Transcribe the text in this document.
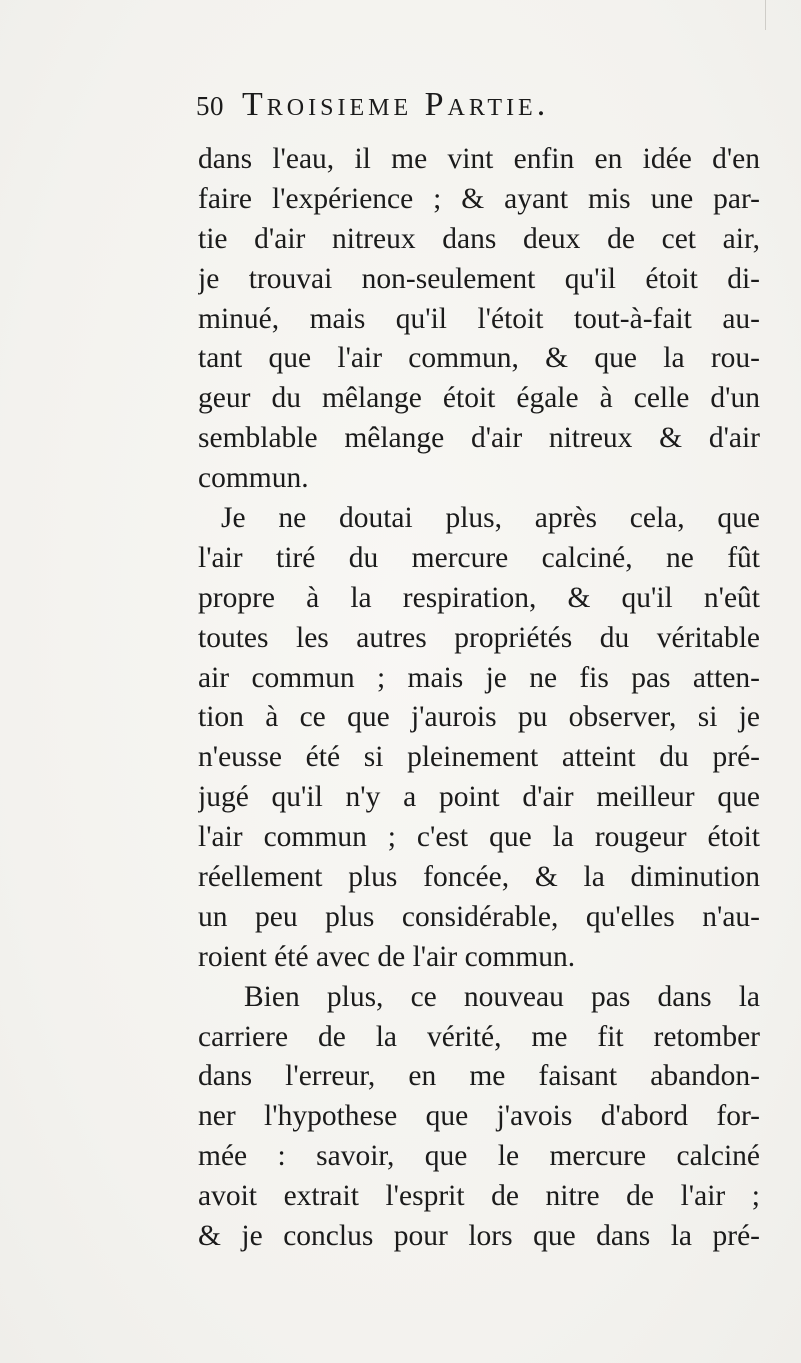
50 Troisieme Partie.
dans l'eau, il me vint enfin en idée d'en
faire l'expérience ; & ayant mis une par-
tie d'air nitreux dans deux de cet air,
je trouvai non-seulement qu'il étoit di-
minué, mais qu'il l'étoit tout-à-fait au-
tant que l'air commun, & que la rou-
geur du mêlange étoit égale à celle d'un
semblable mêlange d'air nitreux & d'air
commun.
Je ne doutai plus, après cela, que
l'air tiré du mercure calciné, ne fût
propre à la respiration, & qu'il n'eût
toutes les autres propriétés du véritable
air commun ; mais je ne fis pas atten-
tion à ce que j'aurois pu observer, si je
n'eusse été si pleinement atteint du pré-
jugé qu'il n'y a point d'air meilleur que
l'air commun ; c'est que la rougeur étoit
réellement plus foncée, & la diminution
un peu plus considérable, qu'elles n'au-
roient été avec de l'air commun.
Bien plus, ce nouveau pas dans la
carriere de la vérité, me fit retomber
dans l'erreur, en me faisant abandon-
ner l'hypothese que j'avois d'abord for-
mée : savoir, que le mercure calciné
avoit extrait l'esprit de nitre de l'air ;
& je conclus pour lors que dans la pré-
